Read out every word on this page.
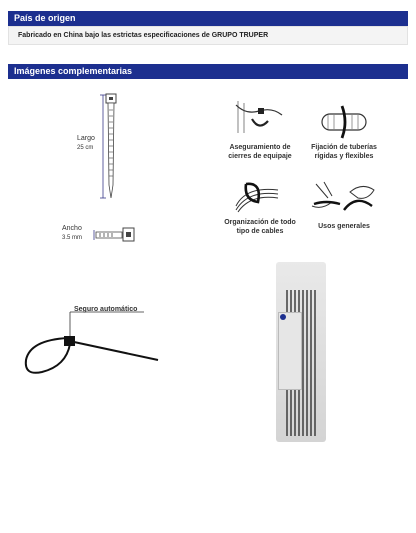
País de origen
Fabricado en China bajo las estrictas especificaciones de GRUPO TRUPER
Imágenes complementarias
Largo
25 cm
Ancho
3.5 mm
Aseguramiento de cierres de equipaje
Fijación de tuberías rígidas y flexibles
Organización de todo tipo de cables
Usos generales
Seguro automático
